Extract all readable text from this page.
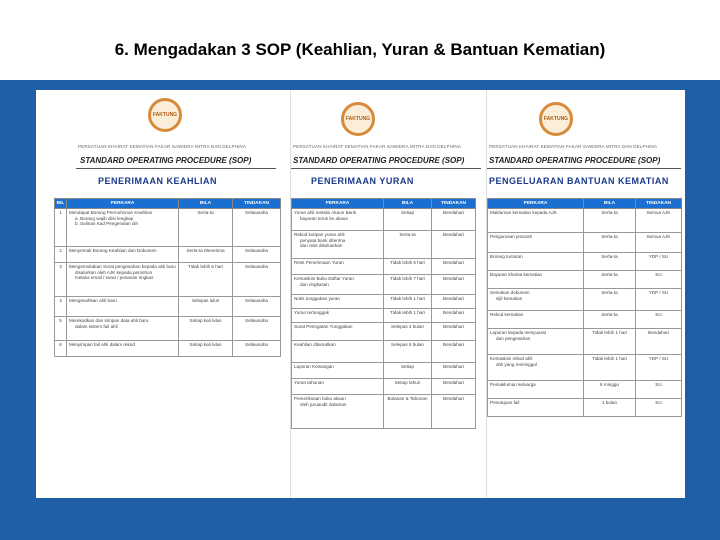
6. Mengadakan 3 SOP (Keahlian, Yuran & Bantuan Kematian)
FAKTUNG
PERSATUAN KHAIRAT KEMATIAN FAKAR SAWIDRA MITRA DAN DELPHINA
STANDARD OPERATING PROCEDURE (SOP)
PENERIMAAN KEAHLIAN
BIL	PERKARA	BILA	TINDAKAN
1	Mendapat Borang Permohonan Keahlian
a. Borang wajib diisi lengkap
b. Salinan Kad Pengenalan diri	Serta-ta	Setiausaha
2	Menyemak Borang Keahlian dan Dokumen	Serta-ta Menerima	Setiausaha
3	Mengemukakan Surat pengesahan kepada ahli baru
disalurkan oleh AJK kepada pemohon
melalui email / surat / pesanan ringkas	Tidak lebih 6 hari	Setiausaha
4	Mengesahkan ahli baru	Selepas lulus	Setiausaha
5	Merekodkan dan simpan data ahli baru
dalam sistem fail ahli	Setiap kali lulus	Setiausaha
6	Menyimpan fail ahli dalam rekod	Setiap kali lulus	Setiausaha
FAKTUNG
PERSATUAN KHAIRAT KEMATIAN FAKAR SAWIDRA MITRA DAN DELPHINA
STANDARD OPERATING PROCEDURE (SOP)
PENERIMAAN YURAN
PERKARA	BILA	TINDAKAN
Yuran ahli melalui Akaun Bank
bayaran terus ke akaun	Setiap	Bendahari
Rekod kutipan yuran ahli
penyata bank diterima
dan resit dikeluarkan	Serta-ta	Bendahari
Resit Penerimaan Yuran	Tidak lebih 6 hari	Bendahari
Kemaskini Buku Daftar Yuran
dan ringkasan	Tidak lebih 7 hari	Bendahari
Notis tunggakan yuran	Tidak lebih 1 hari	Bendahari
Yuran tertunggak	Tidak lebih 1 hari	Bendahari
Surat Peringatan Tunggakan	Selepas 3 bulan	Bendahari
Keahlian ditamatkan	Selepas 6 bulan	Bendahari
Laporan Kewangan	Setiap	Bendahari
Yuran tahunan	Setiap tahun	Bendahari
Pemeriksaan buku akaun
oleh juruaudit dalaman	Bulanan & Tahunan	Bendahari
FAKTUNG
PERSATUAN KHAIRAT KEMATIAN FAKAR SAWIDRA MITRA DAN DELPHINA
STANDARD OPERATING PROCEDURE (SOP)
PENGELUARAN BANTUAN KEMATIAN
PERKARA	BILA	TINDAKAN
Makluman kematian kepada AJK	Serta-ta	Semua AJK
Pengurusan jenazah	Serta-ta	Semua AJK
Borang tuntutan	Serta-ta	YDP / SU
Bayaran khairat kematian	Serta-ta	SU
Semakan dokumen
sijil kematian	Serta-ta	YDP / SU
Rekod kematian	Serta-ta	SU
Laporan kepada mesyuarat
dan pengesahan	Tidak lebih 1 hari	Bendahari
Kemaskini rekod ahli
ahli yang meninggal	Tidak lebih 1 hari	YDP / SU
Pemakluman keluarga	6 minggu	SU
Penutupan fail	1 bulan	SU
